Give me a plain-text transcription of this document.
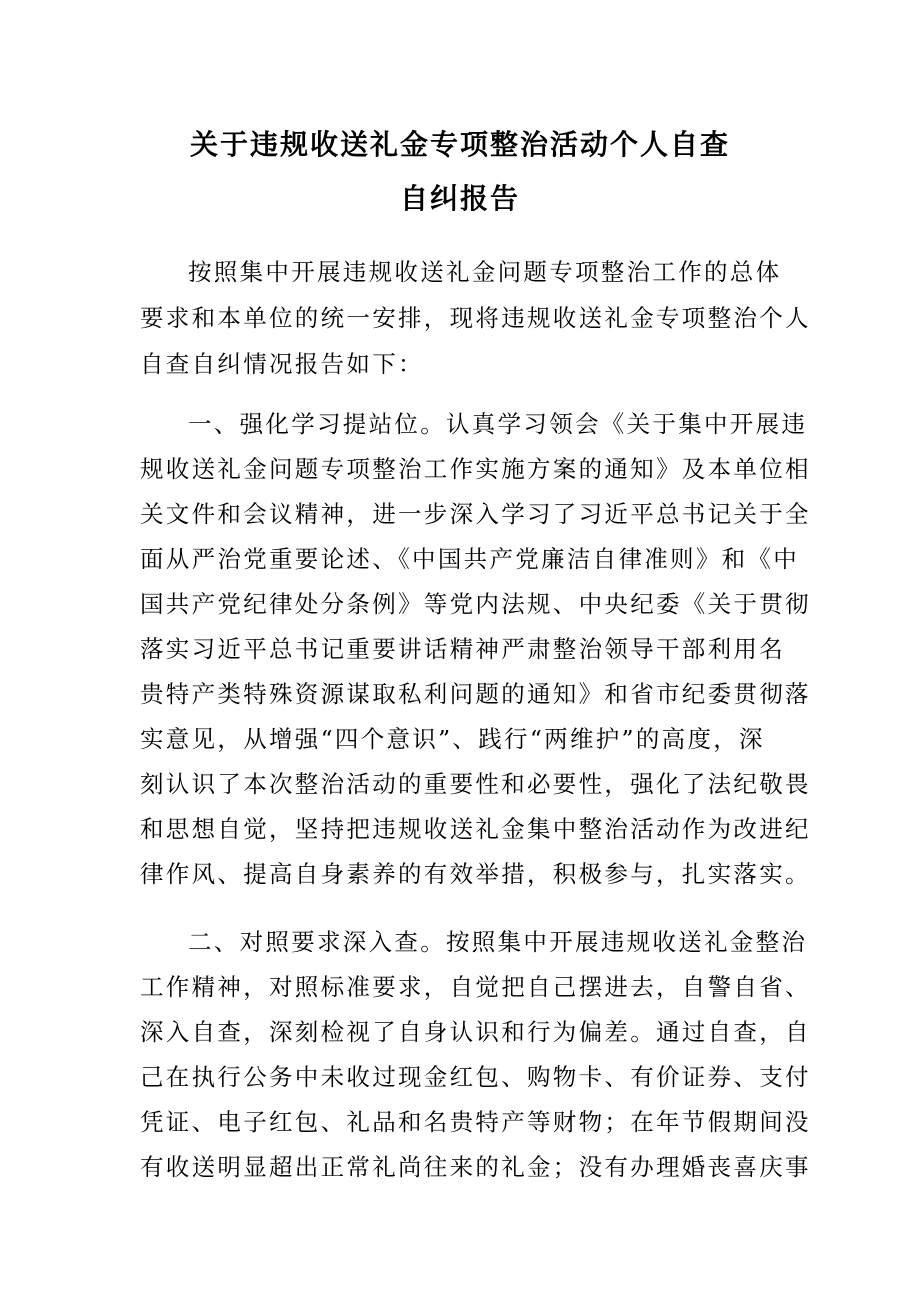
关于违规收送礼金专项整治活动个人自查
自纠报告
按照集中开展违规收送礼金问题专项整治工作的总体
要求和本单位的统一安排，现将违规收送礼金专项整治个人
自查自纠情况报告如下：
一、强化学习提站位。认真学习领会《关于集中开展违
规收送礼金问题专项整治工作实施方案的通知》及本单位相
关文件和会议精神，进一步深入学习了习近平总书记关于全
面从严治党重要论述、《中国共产党廉洁自律准则》和《中
国共产党纪律处分条例》等党内法规、中央纪委《关于贯彻
落实习近平总书记重要讲话精神严肃整治领导干部利用名
贵特产类特殊资源谋取私利问题的通知》和省市纪委贯彻落
实意见，从增强“四个意识”、践行“两维护”的高度，深
刻认识了本次整治活动的重要性和必要性，强化了法纪敬畏
和思想自觉，坚持把违规收送礼金集中整治活动作为改进纪
律作风、提高自身素养的有效举措，积极参与，扎实落实。
二、对照要求深入查。按照集中开展违规收送礼金整治
工作精神，对照标准要求，自觉把自己摆进去，自警自省、
深入自查，深刻检视了自身认识和行为偏差。通过自查，自
己在执行公务中未收过现金红包、购物卡、有价证券、支付
凭证、电子红包、礼品和名贵特产等财物；在年节假期间没
有收送明显超出正常礼尚往来的礼金；没有办理婚丧喜庆事
